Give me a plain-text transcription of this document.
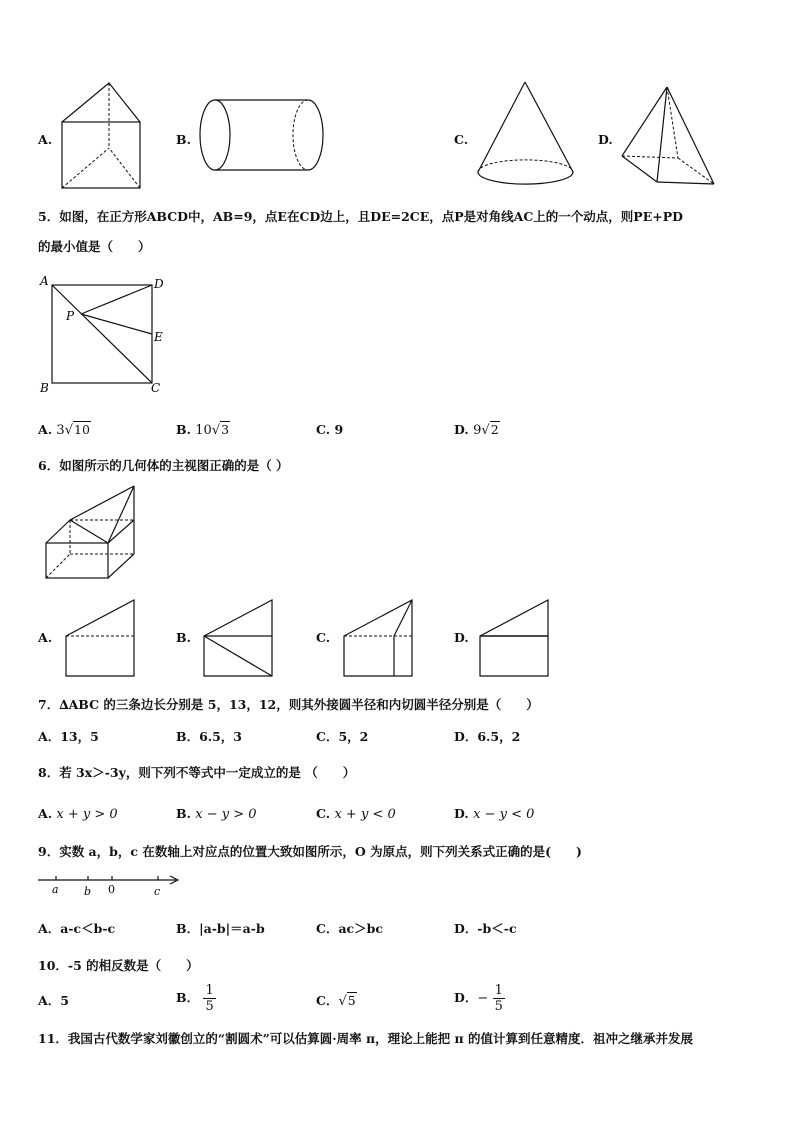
A.	B.	C.	D.
5．如图，在正方形ABCD中，AB=9，点E在CD边上，且DE=2CE，点P是对角线AC上的一个动点，则PE+PD
的最小值是（　　）
A	D
P
E
B	C
A. 3√10	B. 10√3	C. 9	D. 9√2
6．如图所示的几何体的主视图正确的是（ ）
A.	B.	C.	D.
7．∆ABC 的三条边长分别是 5，13，12，则其外接圆半径和内切圆半径分别是（　　）
A．13，5	B．6.5，3	C．5，2	D．6.5，2
8．若 3x＞-3y，则下列不等式中一定成立的是 （　　）
A. x + y > 0	B. x − y > 0	C. x + y < 0	D. x − y < 0
9．实数 a，b，c 在数轴上对应点的位置大致如图所示，O 为原点，则下列关系式正确的是(　　)
a b 0	c
A．a-c＜b-c	B．|a-b|＝a-b	C．ac＞bc	D．-b＜-c
10．-5 的相反数是（　　）
A．5	B． $\frac{1}{5}$	C．√5	D．− $\frac{1}{5}$
11．我国古代数学家刘徽创立的“割圆术”可以估算圆·周率 π，理论上能把 π 的值计算到任意精度．祖冲之继承并发展
